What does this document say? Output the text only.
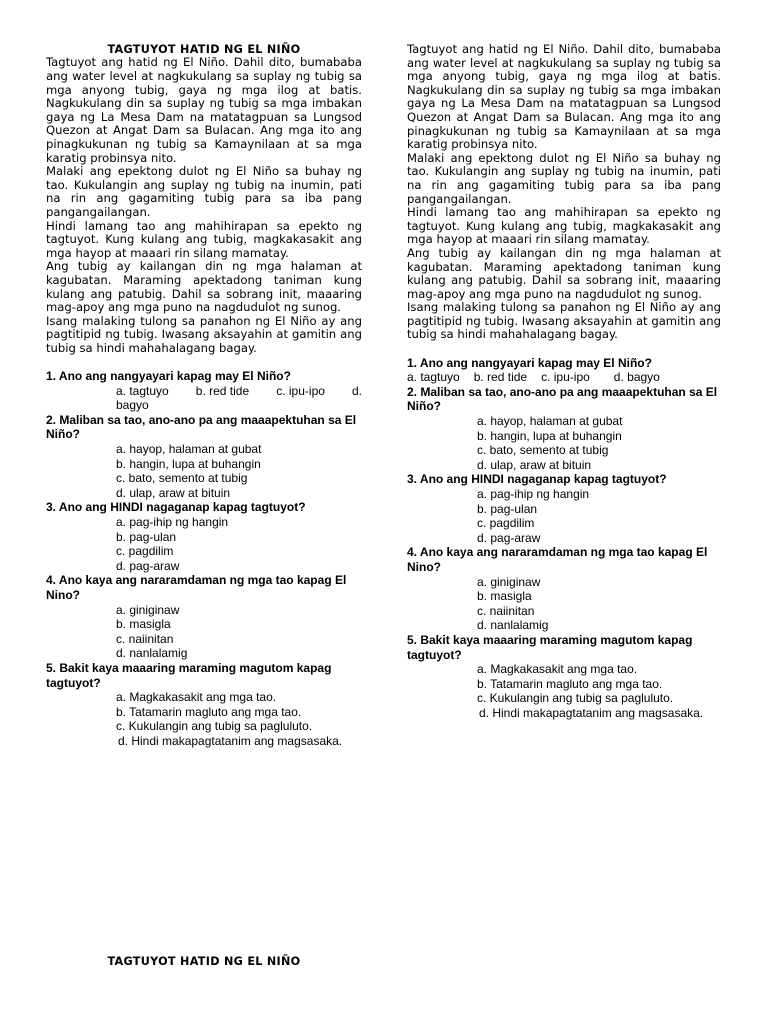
TAGTUYOT HATID NG EL NIÑO

Tagtuyot ang hatid ng El Niño. Dahil dito, bumababa ang water level at nagkukulang sa suplay ng tubig sa mga anyong tubig, gaya ng mga ilog at batis. Nagkukulang din sa suplay ng tubig sa mga imbakan gaya ng La Mesa Dam na matatagpuan sa Lungsod Quezon at Angat Dam sa Bulacan. Ang mga ito ang pinagkukunan ng tubig sa Kamaynilaan at sa mga karatig probinsya nito.

Malaki ang epektong dulot ng El Niño sa buhay ng tao. Kukulangin ang suplay ng tubig na inumin, pati na rin ang gagamiting tubig para sa iba pang pangangailangan.

Hindi lamang tao ang mahihirapan sa epekto ng tagtuyot. Kung kulang ang tubig, magkakasakit ang mga hayop at maaari rin silang mamatay.

Ang tubig ay kailangan din ng mga halaman at kagubatan. Maraming apektadong taniman kung kulang ang patubig. Dahil sa sobrang init, maaaring mag-apoy ang mga puno na nagdudulot ng sunog.

Isang malaking tulong sa panahon ng El Niño ay ang pagtitipid ng tubig. Iwasang aksayahin at gamitin ang tubig sa hindi mahahalagang bagay.

1. Ano ang nangyayari kapag may El Niño?

a. tagtuyo b. red tide c. ipu-ipo d.

bagyo

2. Maliban sa tao, ano-ano pa ang maaapektuhan sa El Niño?

a. hayop, halaman at gubat

b. hangin, lupa at buhangin

c. bato, semento at tubig

d. ulap, araw at bituin

3. Ano ang HINDI nagaganap kapag tagtuyot?

a. pag-ihip ng hangin

b. pag-ulan

c. pagdilim

d. pag-araw

4. Ano kaya ang nararamdaman ng mga tao kapag El Nino?

a. giniginaw

b. masigla

c. naiinitan

d. nanlalamig

5. Bakit kaya maaaring maraming magutom kapag tagtuyot?

a. Magkakasakit ang mga tao.

b. Tatamarin magluto ang mga tao.

c. Kukulangin ang tubig sa pagluluto.

d. Hindi makapagtatanim ang magsasaka.

Tagtuyot ang hatid ng El Niño. Dahil dito, bumababa ang water level at nagkukulang sa suplay ng tubig sa mga anyong tubig, gaya ng mga ilog at batis. Nagkukulang din sa suplay ng tubig sa mga imbakan gaya ng La Mesa Dam na matatagpuan sa Lungsod Quezon at Angat Dam sa Bulacan. Ang mga ito ang pinagkukunan ng tubig sa Kamaynilaan at sa mga karatig probinsya nito.

Malaki ang epektong dulot ng El Niño sa buhay ng tao. Kukulangin ang suplay ng tubig na inumin, pati na rin ang gagamiting tubig para sa iba pang pangangailangan.

Hindi lamang tao ang mahihirapan sa epekto ng tagtuyot. Kung kulang ang tubig, magkakasakit ang mga hayop at maaari rin silang mamatay.

Ang tubig ay kailangan din ng mga halaman at kagubatan. Maraming apektadong taniman kung kulang ang patubig. Dahil sa sobrang init, maaaring mag-apoy ang mga puno na nagdudulot ng sunog.

Isang malaking tulong sa panahon ng El Niño ay ang pagtitipid ng tubig. Iwasang aksayahin at gamitin ang tubig sa hindi mahahalagang bagay.

1. Ano ang nangyayari kapag may El Niño?

a. tagtuyo b. red tide c. ipu-ipo d. bagyo

2. Maliban sa tao, ano-ano pa ang maaapektuhan sa El Niño?

a. hayop, halaman at gubat

b. hangin, lupa at buhangin

c. bato, semento at tubig

d. ulap, araw at bituin

3. Ano ang HINDI nagaganap kapag tagtuyot?

a. pag-ihip ng hangin

b. pag-ulan

c. pagdilim

d. pag-araw

4. Ano kaya ang nararamdaman ng mga tao kapag El Nino?

a. giniginaw

b. masigla

c. naiinitan

d. nanlalamig

5. Bakit kaya maaaring maraming magutom kapag tagtuyot?

a. Magkakasakit ang mga tao.

b. Tatamarin magluto ang mga tao.

c. Kukulangin ang tubig sa pagluluto.

d. Hindi makapagtatanim ang magsasaka.

TAGTUYOT HATID NG EL NIÑO
